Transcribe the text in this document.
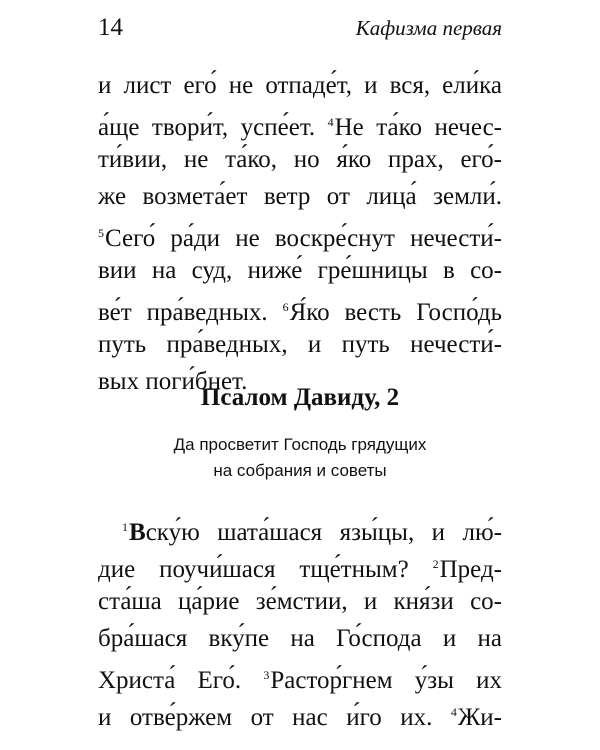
14	Кафизма первая
и лист его́ не отпаде́т, и вся, ели́ка
а́ще твори́т, успе́ет. $^4$Не та́ко нечес-
ти́вии, не та́ко, но я́ко прах, его́-
же возмета́ет ветр от лица́ земли́.
$^5$Сего́ ра́ди не воскре́снут нечести́-
вии на суд, ниже́ гре́шницы в со-
ве́т пра́ведных. $^6$Я́ко весть Госпо́дь
путь пра́ведных, и путь нечести́-
вых поги́бнет.
Псалом Давиду, 2
Да просветит Господь грядущих
на собрания и советы
$^1$Вску́ю шата́шася язы́цы, и лю́-
дие поучи́шася тще́тным? $^2$Пред-
ста́ша ца́рие зе́мстии, и кня́зи со-
бра́шася вку́пе на Го́спода и на
Христа́ Его́. $^3$Растор́гнем у́зы их
и отве́ржем от нас и́го их. $^4$Жи-
